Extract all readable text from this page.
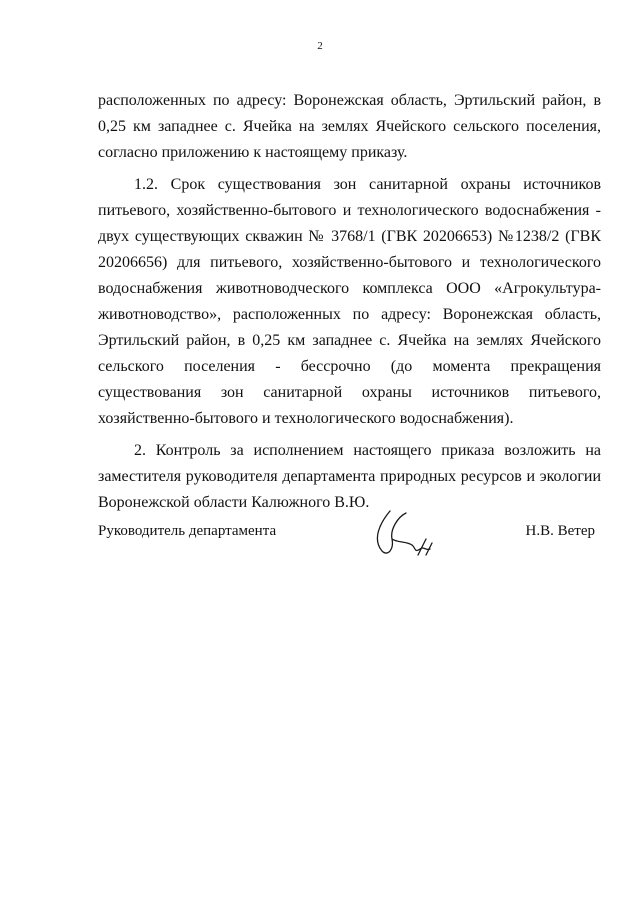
2

расположенных по адресу: Воронежская область, Эртильский район, в 0,25 км западнее с. Ячейка на землях Ячейского сельского поселения, согласно приложению к настоящему приказу.

1.2. Срок существования зон санитарной охраны источников питьевого, хозяйственно-бытового и технологического водоснабжения - двух существующих скважин № 3768/1 (ГВК 20206653) №1238/2 (ГВК 20206656) для питьевого, хозяйственно-бытового и технологического водоснабжения животноводческого комплекса ООО «Агрокультура-животноводство», расположенных по адресу: Воронежская область, Эртильский район, в 0,25 км западнее с. Ячейка на землях Ячейского сельского поселения - бессрочно (до момента прекращения существования зон санитарной охраны источников питьевого, хозяйственно-бытового и технологического водоснабжения).

2. Контроль за исполнением настоящего приказа возложить на заместителя руководителя департамента природных ресурсов и экологии Воронежской области Калюжного В.Ю.

Руководитель департамента	Н.В. Ветер
